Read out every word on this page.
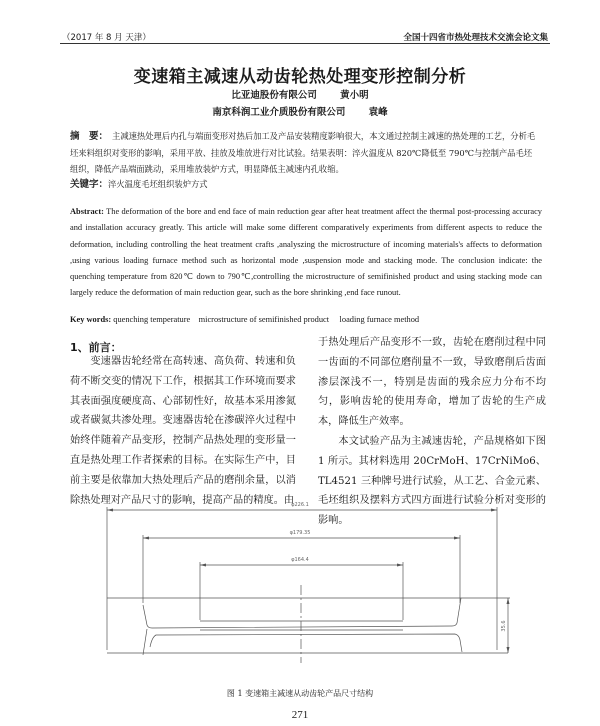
（2017 年 8 月 天津）	全国十四省市热处理技术交流会论文集
变速箱主减速从动齿轮热处理变形控制分析
比亚迪股份有限公司 黄小明
南京科润工业介质股份有限公司 袁峰
摘　要： 主减速热处理后内孔与端面变形对热后加工及产品安装精度影响很大，本文通过控制主减速的热处理的工艺，分析毛坯来料组织对变形的影响，采用平放、挂放及堆放进行对比试验。结果表明：淬火温度从 820℃降低至 790℃与控制产品毛坯组织，降低产品端面跳动，采用堆放装炉方式，明显降低主减速内孔收缩。
关键字：淬火温度毛坯组织装炉方式
Abstract: The deformation of the bore and end face of main reduction gear after heat treatment affect the thermal post-processing accuracy and installation accuracy greatly. This article will make some different comparatively experiments from different aspects to reduce the deformation, including controlling the heat treatment crafts ,analyszing the microstructure of incoming materials's affects to deformation ,using various loading furnace method such as horizontal mode ,suspension mode and stacking mode. The conclusion indicate: the quenching temperature from 820℃ down to 790℃,controlling the microstructure of semifinished product and using stacking mode can largely reduce the deformation of main reduction gear, such as the bore shrinking ,end face runout.
Key words: quenching temperature    microstructure of semifinished product     loading furnace method
1、前言：
变速器齿轮经常在高转速、高负荷、转速和负荷不断交变的情况下工作，根据其工作环境而要求其表面强度硬度高、心部韧性好，故基本采用渗氮或者碳氮共渗处理。变速器齿轮在渗碳淬火过程中始终伴随着产品变形，控制产品热处理的变形量一直是热处理工作者探索的目标。在实际生产中，目前主要是依靠加大热处理后产品的磨削余量，以消除热处理对产品尺寸的影响，提高产品的精度。由

于热处理后产品变形不一致，齿轮在磨削过程中同一齿面的不同部位磨削量不一致，导致磨削后齿面渗层深浅不一，特别是齿面的残余应力分布不均匀，影响齿轮的使用寿命，增加了齿轮的生产成本，降低生产效率。

本文试验产品为主减速齿轮，产品规格如下图 1 所示。其材料选用 20CrMoH、17CrNiMo6、TL4521 三种牌号进行试验，从工艺、合金元素、毛坯组织及摆料方式四方面进行试验分析对变形的影响。

φ226.1
φ179.35
φ164.4
35.6
图 1 变速箱主减速从动齿轮产品尺寸结构
271
